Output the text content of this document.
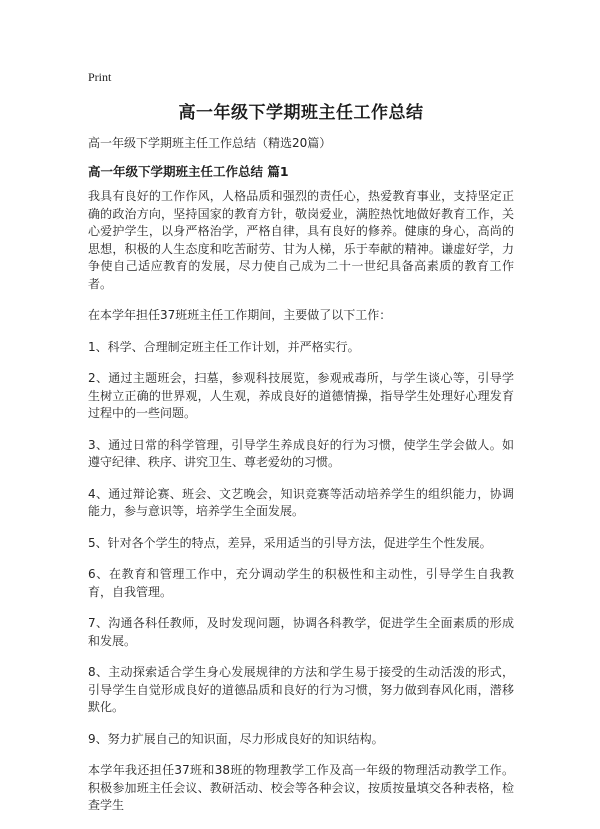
Print
高一年级下学期班主任工作总结
高一年级下学期班主任工作总结（精选20篇）
高一年级下学期班主任工作总结 篇1

我具有良好的工作作风，人格品质和强烈的责任心，热爱教育事业，支持坚定正确的政治方向，坚持国家的教育方针，敬岗爱业，满腔热忱地做好教育工作，关心爱护学生，以身严格治学，严格自律，具有良好的修养。健康的身心，高尚的思想，积极的人生态度和吃苦耐劳、甘为人梯，乐于奉献的精神。谦虚好学，力争使自己适应教育的发展，尽力使自己成为二十一世纪具备高素质的教育工作者。

在本学年担任37班班主任工作期间，主要做了以下工作：

1、科学、合理制定班主任工作计划，并严格实行。

2、通过主题班会，扫墓，参观科技展览，参观戒毒所，与学生谈心等，引导学生树立正确的世界观，人生观，养成良好的道德情操，指导学生处理好心理发育过程中的一些问题。

3、通过日常的科学管理，引导学生养成良好的行为习惯，使学生学会做人。如遵守纪律、秩序、讲究卫生、尊老爱幼的习惯。

4、通过辩论赛、班会、文艺晚会，知识竞赛等活动培养学生的组织能力，协调能力，参与意识等，培养学生全面发展。

5、针对各个学生的特点，差异，采用适当的引导方法，促进学生个性发展。

6、在教育和管理工作中，充分调动学生的积极性和主动性，引导学生自我教育，自我管理。

7、沟通各科任教师，及时发现问题，协调各科教学，促进学生全面素质的形成和发展。

8、主动探索适合学生身心发展规律的方法和学生易于接受的生动活泼的形式，引导学生自觉形成良好的道德品质和良好的行为习惯，努力做到春风化雨，潜移默化。

9、努力扩展自己的知识面，尽力形成良好的知识结构。

本学年我还担任37班和38班的物理教学工作及高一年级的物理活动教学工作。积极参加班主任会议、教研活动、校会等各种会议，按质按量填交各种表格，检查学生
